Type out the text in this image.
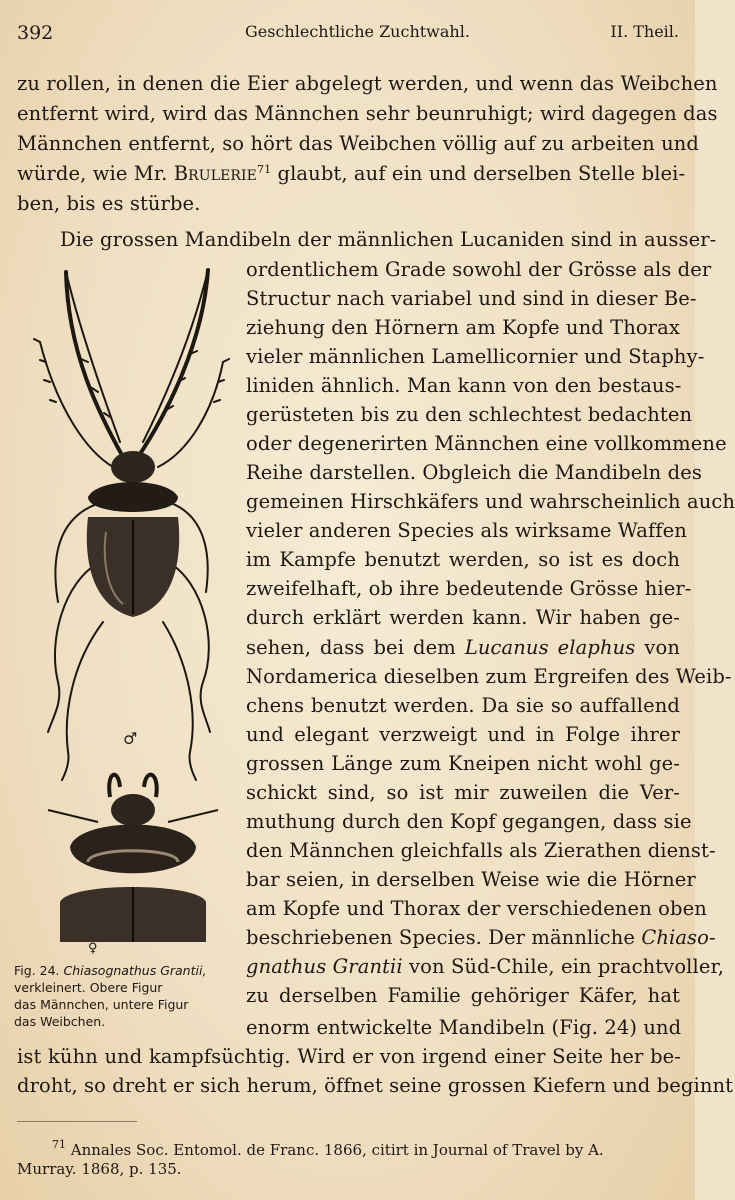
392	Geschlechtliche Zuchtwahl.	II. Theil.
zu rollen, in denen die Eier abgelegt werden, und wenn das Weibchen
entfernt wird, wird das Männchen sehr beunruhigt; wird dagegen das
Männchen entfernt, so hört das Weibchen völlig auf zu arbeiten und
würde, wie Mr. Brulerie$^{71}$ glaubt, auf ein und derselben Stelle blei-
ben, bis es stürbe.
Die grossen Mandibeln der männlichen Lucaniden sind in ausser-
ordentlichem Grade sowohl der Grösse als der
Structur nach variabel und sind in dieser Be-
ziehung den Hörnern am Kopfe und Thorax
vieler männlichen Lamellicornier und Staphy-
liniden ähnlich. Man kann von den bestaus-
gerüsteten bis zu den schlechtest bedachten
oder degenerirten Männchen eine vollkommene
Reihe darstellen. Obgleich die Mandibeln des
gemeinen Hirschkäfers und wahrscheinlich auch
vieler anderen Species als wirksame Waffen
im Kampfe benutzt werden, so ist es doch
zweifelhaft, ob ihre bedeutende Grösse hier-
durch erklärt werden kann. Wir haben ge-
sehen, dass bei dem Lucanus elaphus von
Nordamerica dieselben zum Ergreifen des Weib-
chens benutzt werden. Da sie so auffallend
und elegant verzweigt und in Folge ihrer
grossen Länge zum Kneipen nicht wohl ge-
schickt sind, so ist mir zuweilen die Ver-
muthung durch den Kopf gegangen, dass sie
den Männchen gleichfalls als Zierathen dienst-
bar seien, in derselben Weise wie die Hörner
am Kopfe und Thorax der verschiedenen oben
beschriebenen Species. Der männliche Chiaso-
gnathus Grantii von Süd-Chile, ein prachtvoller,
zu derselben Familie gehöriger Käfer, hat
enorm entwickelte Mandibeln (Fig. 24) und
ist kühn und kampfsüchtig. Wird er von irgend einer Seite her be-
droht, so dreht er sich herum, öffnet seine grossen Kiefern und beginnt
♂
♀
Fig. 24. Chiasognathus Grantii,
verkleinert. Obere Figur
das Männchen, untere Figur
das Weibchen.
$^{71}$ Annales Soc. Entomol. de Franc. 1866, citirt in Journal of Travel by A.
Murray. 1868, p. 135.
